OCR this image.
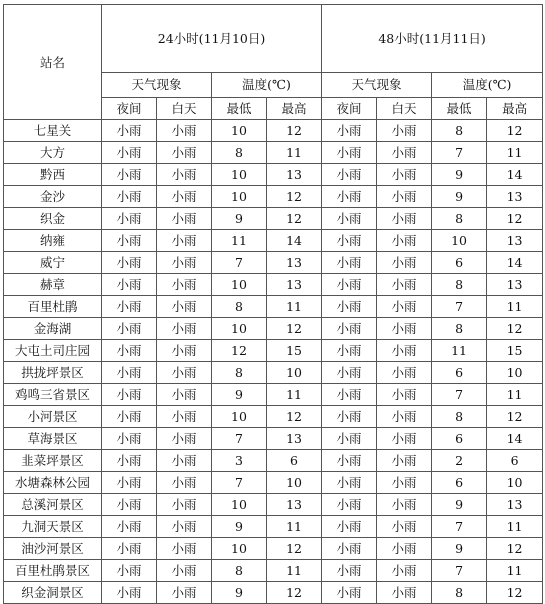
站名	24小时(11月10日)				48小时(11月11日)			
	天气现象		温度(℃)		天气现象		温度(℃)	
	夜间	白天	最低	最高	夜间	白天	最低	最高
七星关	小雨	小雨	10	12	小雨	小雨	8	12
大方	小雨	小雨	8	11	小雨	小雨	7	11
黔西	小雨	小雨	10	13	小雨	小雨	9	14
金沙	小雨	小雨	10	12	小雨	小雨	9	13
织金	小雨	小雨	9	12	小雨	小雨	8	12
纳雍	小雨	小雨	11	14	小雨	小雨	10	13
威宁	小雨	小雨	7	13	小雨	小雨	6	14
赫章	小雨	小雨	10	13	小雨	小雨	8	13
百里杜鹃	小雨	小雨	8	11	小雨	小雨	7	11
金海湖	小雨	小雨	10	12	小雨	小雨	8	12
大屯土司庄园	小雨	小雨	12	15	小雨	小雨	11	15
拱拢坪景区	小雨	小雨	8	10	小雨	小雨	6	10
鸡鸣三省景区	小雨	小雨	9	11	小雨	小雨	7	11
小河景区	小雨	小雨	10	12	小雨	小雨	8	12
草海景区	小雨	小雨	7	13	小雨	小雨	6	14
韭菜坪景区	小雨	小雨	3	6	小雨	小雨	2	6
水塘森林公园	小雨	小雨	7	10	小雨	小雨	6	10
总溪河景区	小雨	小雨	10	13	小雨	小雨	9	13
九洞天景区	小雨	小雨	9	11	小雨	小雨	7	11
油沙河景区	小雨	小雨	10	12	小雨	小雨	9	12
百里杜鹃景区	小雨	小雨	8	11	小雨	小雨	7	11
织金洞景区	小雨	小雨	9	12	小雨	小雨	8	12
